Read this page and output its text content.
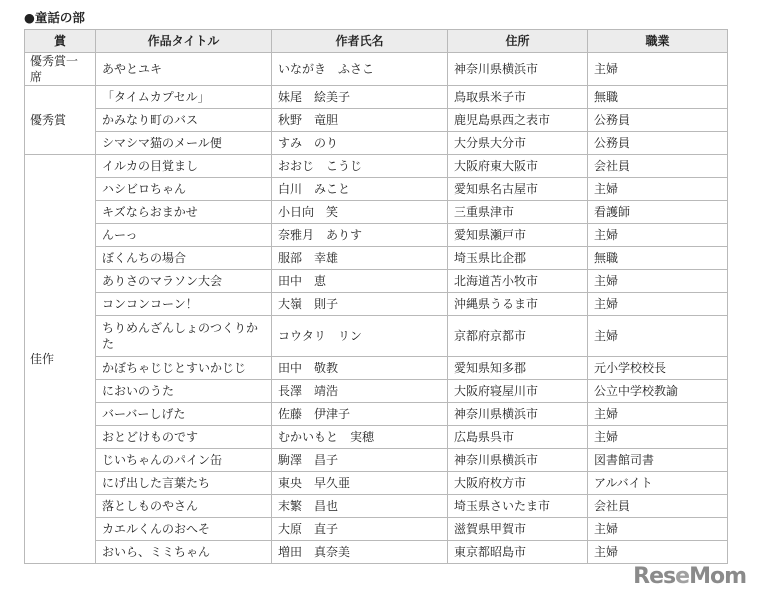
●童話の部
賞	作品タイトル	作者氏名	住所	職業
優秀賞一席	あやとユキ	いながき　ふさこ	神奈川県横浜市	主婦
優秀賞	「タイムカプセル」	妹尾　絵美子	鳥取県米子市	無職
	かみなり町のバス	秋野　竜胆	鹿児島県西之表市	公務員
	シマシマ猫のメール便	すみ　のり	大分県大分市	公務員
佳作	イルカの目覚まし	おおじ　こうじ	大阪府東大阪市	会社員
	ハシビロちゃん	白川　みこと	愛知県名古屋市	主婦
	キズならおまかせ	小日向　笑	三重県津市	看護師
	んーっ	奈雅月　ありす	愛知県瀬戸市	主婦
	ぼくんちの場合	服部　幸雄	埼玉県比企郡	無職
	ありさのマラソン大会	田中　恵	北海道苫小牧市	主婦
	コンコンコーン！	大嶺　則子	沖縄県うるま市	主婦
	ちりめんざんしょのつくりかた	コウタリ　リン	京都府京都市	主婦
	かぼちゃじじとすいかじじ	田中　敬教	愛知県知多郡	元小学校校長
	においのうた	長澤　靖浩	大阪府寝屋川市	公立中学校教諭
	バーバーしげた	佐藤　伊津子	神奈川県横浜市	主婦
	おとどけものです	むかいもと　実穂	広島県呉市	主婦
	じいちゃんのパイン缶	駒澤　昌子	神奈川県横浜市	図書館司書
	にげ出した言葉たち	東央　早久亜	大阪府枚方市	アルバイト
	落としものやさん	末繁　昌也	埼玉県さいたま市	会社員
	カエルくんのおへそ	大原　直子	滋賀県甲賀市	主婦
	おいら、ミミちゃん	増田　真奈美	東京都昭島市	主婦
ReseMom
